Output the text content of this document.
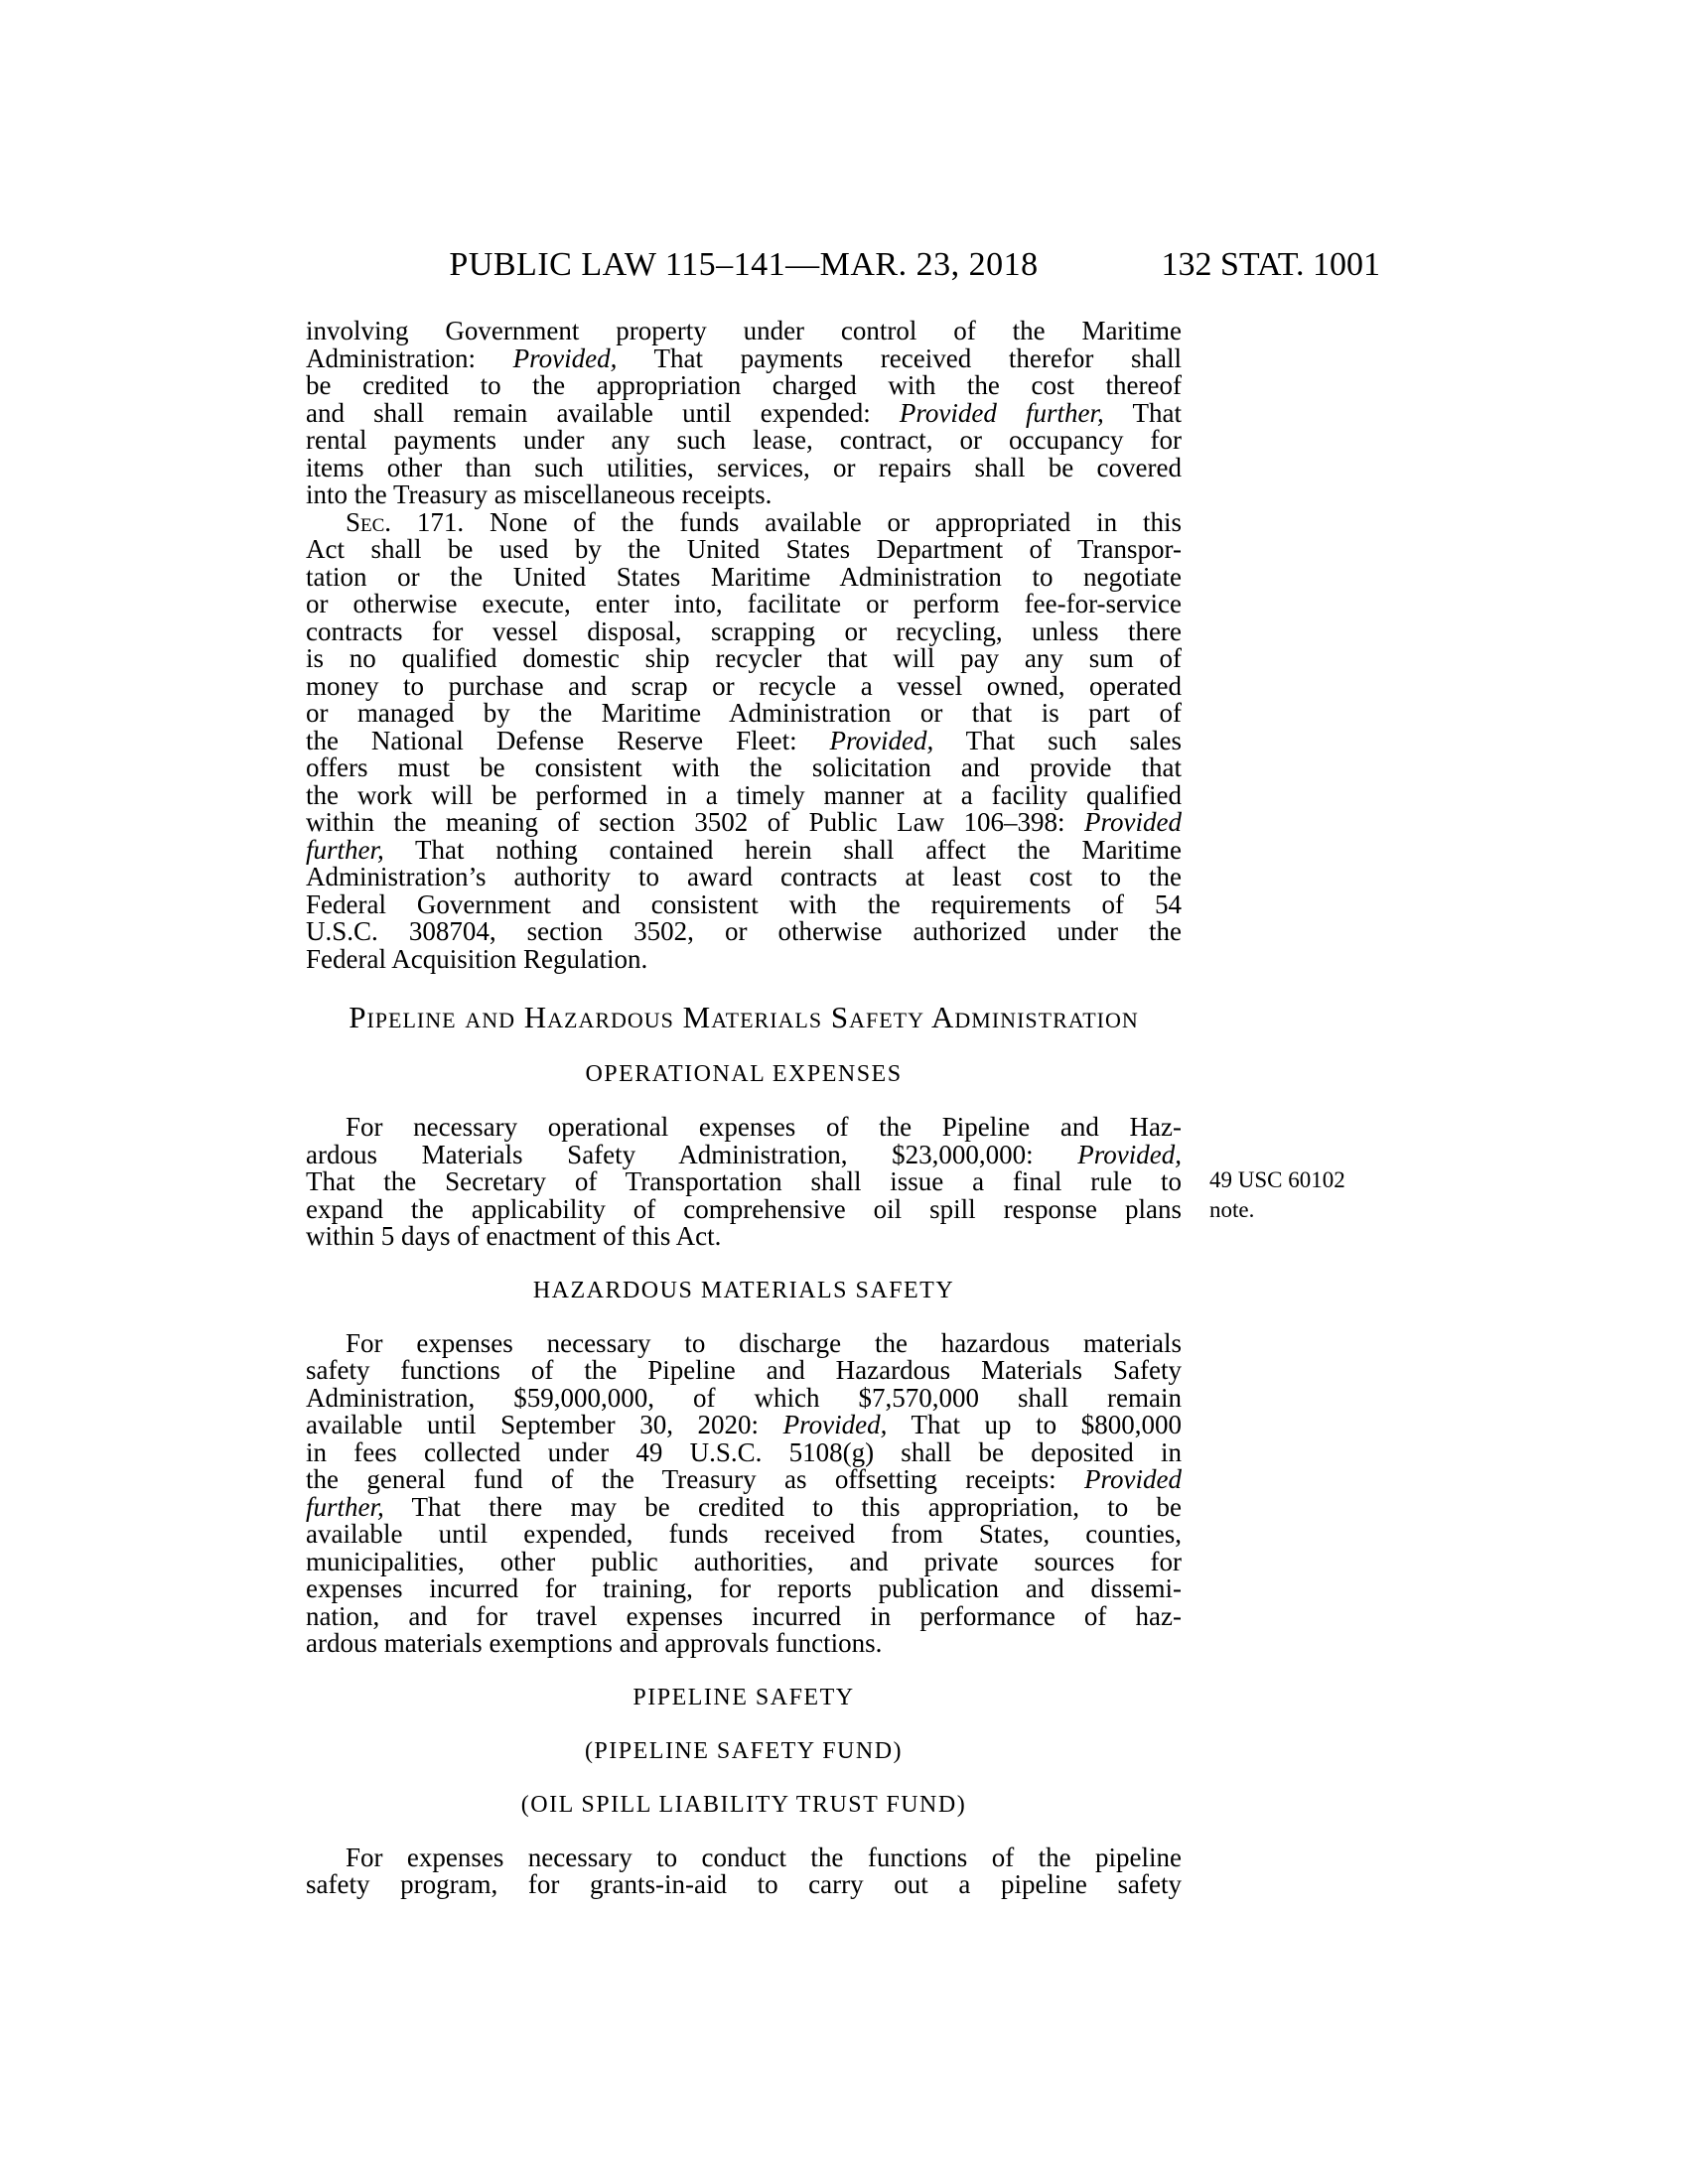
PUBLIC LAW 115–141—MAR. 23, 2018	132 STAT. 1001
involving Government property under control of the Maritime
Administration: Provided, That payments received therefor shall
be credited to the appropriation charged with the cost thereof
and shall remain available until expended: Provided further, That
rental payments under any such lease, contract, or occupancy for
items other than such utilities, services, or repairs shall be covered
into the Treasury as miscellaneous receipts.
Sec. 171. None of the funds available or appropriated in this
Act shall be used by the United States Department of Transpor-
tation or the United States Maritime Administration to negotiate
or otherwise execute, enter into, facilitate or perform fee-for-service
contracts for vessel disposal, scrapping or recycling, unless there
is no qualified domestic ship recycler that will pay any sum of
money to purchase and scrap or recycle a vessel owned, operated
or managed by the Maritime Administration or that is part of
the National Defense Reserve Fleet: Provided, That such sales
offers must be consistent with the solicitation and provide that
the work will be performed in a timely manner at a facility qualified
within the meaning of section 3502 of Public Law 106–398: Provided
further, That nothing contained herein shall affect the Maritime
Administration’s authority to award contracts at least cost to the
Federal Government and consistent with the requirements of 54
U.S.C. 308704, section 3502, or otherwise authorized under the
Federal Acquisition Regulation.
Pipeline and Hazardous Materials Safety Administration
OPERATIONAL EXPENSES
For necessary operational expenses of the Pipeline and Haz-
ardous Materials Safety Administration, $23,000,000: Provided,
That the Secretary of Transportation shall issue a final rule to
expand the applicability of comprehensive oil spill response plans
within 5 days of enactment of this Act.
HAZARDOUS MATERIALS SAFETY
For expenses necessary to discharge the hazardous materials
safety functions of the Pipeline and Hazardous Materials Safety
Administration, $59,000,000, of which $7,570,000 shall remain
available until September 30, 2020: Provided, That up to $800,000
in fees collected under 49 U.S.C. 5108(g) shall be deposited in
the general fund of the Treasury as offsetting receipts: Provided
further, That there may be credited to this appropriation, to be
available until expended, funds received from States, counties,
municipalities, other public authorities, and private sources for
expenses incurred for training, for reports publication and dissemi-
nation, and for travel expenses incurred in performance of haz-
ardous materials exemptions and approvals functions.
PIPELINE SAFETY
(PIPELINE SAFETY FUND)
(OIL SPILL LIABILITY TRUST FUND)
For expenses necessary to conduct the functions of the pipeline
safety program, for grants-in-aid to carry out a pipeline safety
49 USC 60102
note.
